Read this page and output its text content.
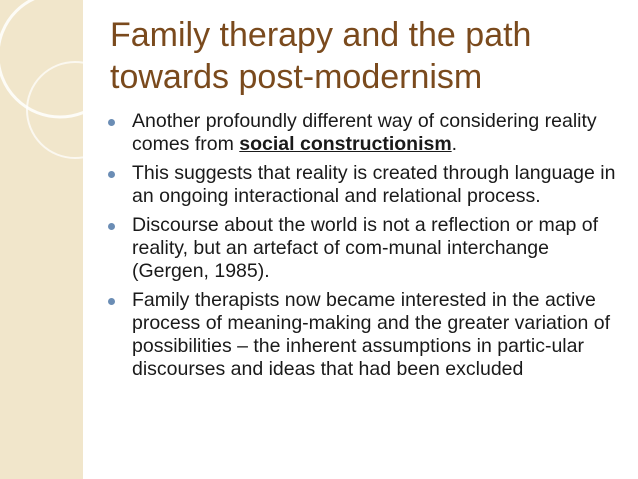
Family therapy and the path
towards post-modernism
Another profoundly different way of considering reality comes from social constructionism.
This suggests that reality is created through language in an ongoing interactional and relational process.
Discourse about the world is not a reflection or map of reality, but an artefact of com-munal interchange (Gergen, 1985).
Family therapists now became interested in the active process of meaning-making and the greater variation of possibilities – the inherent assumptions in partic-ular discourses and ideas that had been excluded
